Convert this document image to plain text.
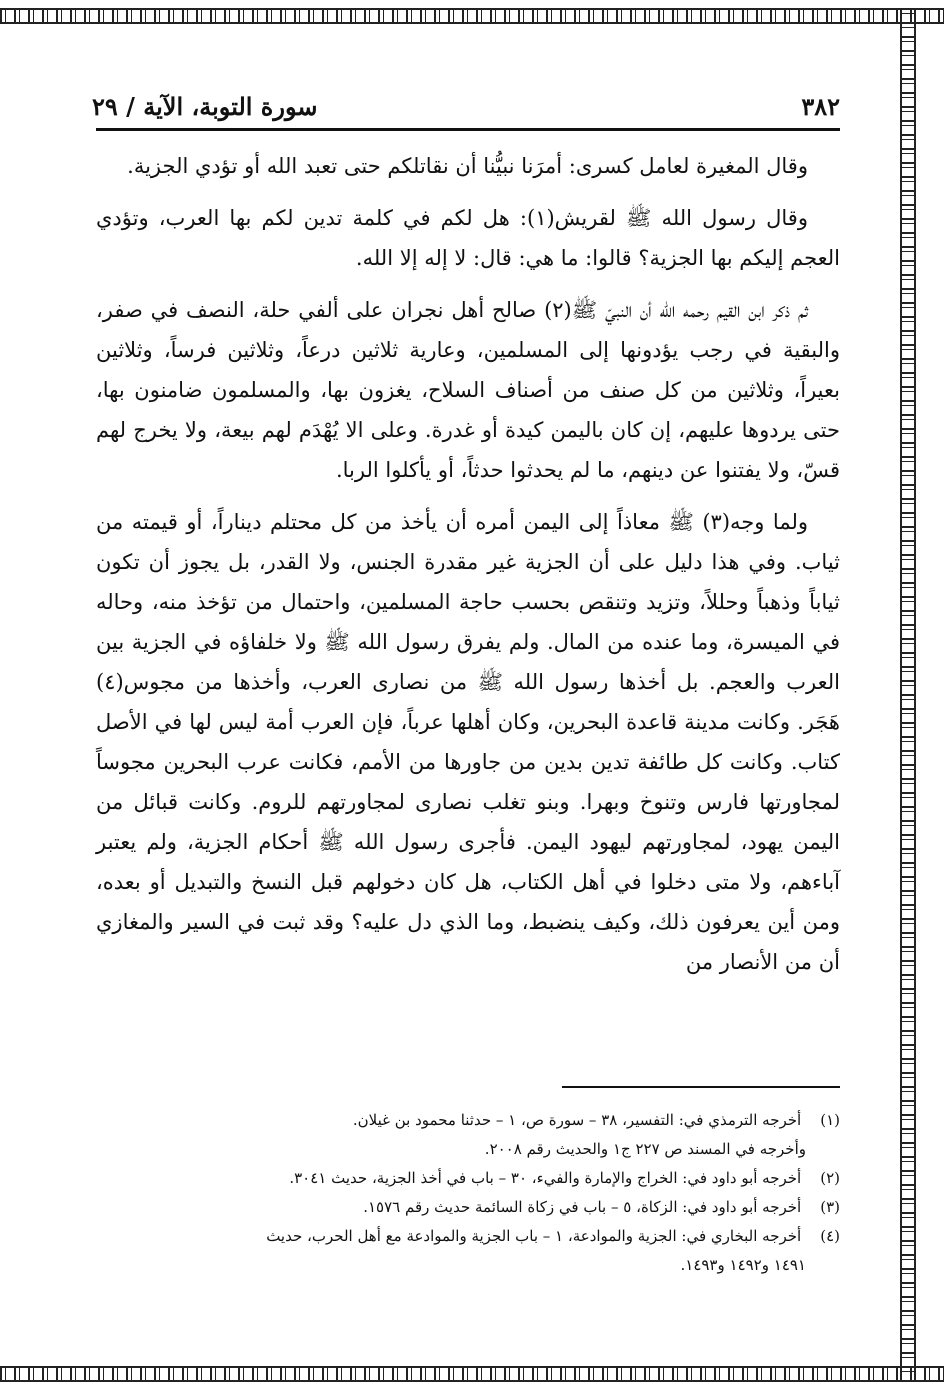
٣٨٢
سورة التوبة، الآية / ٢٩

وقال المغيرة لعامل كسرى: أمرَنا نبيُّنا أن نقاتلكم حتى تعبد الله أو تؤدي الجزية.

وقال رسول الله ﷺ لقريش(١): هل لكم في كلمة تدين لكم بها العرب، وتؤدي العجم إليكم بها الجزية؟ قالوا: ما هي: قال: لا إله إلا الله.

ثم ذكر ابن القيم رحمه الله أن النبيّ ﷺ(٢) صالح أهل نجران على ألفي حلة، النصف في صفر، والبقية في رجب يؤدونها إلى المسلمين، وعارية ثلاثين درعاً، وثلاثين فرساً، وثلاثين بعيراً، وثلاثين من كل صنف من أصناف السلاح، يغزون بها، والمسلمون ضامنون بها، حتى يردوها عليهم، إن كان باليمن كيدة أو غدرة. وعلى الا يُهْدَم لهم بيعة، ولا يخرج لهم قسّ، ولا يفتنوا عن دينهم، ما لم يحدثوا حدثاً، أو يأكلوا الربا.

ولما وجه(٣) ﷺ معاذاً إلى اليمن أمره أن يأخذ من كل محتلم ديناراً، أو قيمته من ثياب. وفي هذا دليل على أن الجزية غير مقدرة الجنس، ولا القدر، بل يجوز أن تكون ثياباً وذهباً وحللاً، وتزيد وتنقص بحسب حاجة المسلمين، واحتمال من تؤخذ منه، وحاله في الميسرة، وما عنده من المال. ولم يفرق رسول الله ﷺ ولا خلفاؤه في الجزية بين العرب والعجم. بل أخذها رسول الله ﷺ من نصارى العرب، وأخذها من مجوس(٤) هَجَر. وكانت مدينة قاعدة البحرين، وكان أهلها عرباً، فإن العرب أمة ليس لها في الأصل كتاب. وكانت كل طائفة تدين بدين من جاورها من الأمم، فكانت عرب البحرين مجوساً لمجاورتها فارس وتنوخ وبهرا. وبنو تغلب نصارى لمجاورتهم للروم. وكانت قبائل من اليمن يهود، لمجاورتهم ليهود اليمن. فأجرى رسول الله ﷺ أحكام الجزية، ولم يعتبر آباءهم، ولا متى دخلوا في أهل الكتاب، هل كان دخولهم قبل النسخ والتبديل أو بعده، ومن أين يعرفون ذلك، وكيف ينضبط، وما الذي دل عليه؟ وقد ثبت في السير والمغازي أن من الأنصار من

(١) أخرجه الترمذي في: التفسير، ٣٨ – سورة ص، ١ – حدثنا محمود بن غيلان.

وأخرجه في المسند ص ٢٢٧ ج١ والحديث رقم ٢٠٠٨.

(٢) أخرجه أبو داود في: الخراج والإمارة والفيء، ٣٠ – باب في أخذ الجزية، حديث ٣٠٤١.

(٣) أخرجه أبو داود في: الزكاة، ٥ – باب في زكاة السائمة حديث رقم ١٥٧٦.

(٤) أخرجه البخاري في: الجزية والموادعة، ١ – باب الجزية والموادعة مع أهل الحرب، حديث

١٤٩١ و١٤٩٢ و١٤٩٣.
